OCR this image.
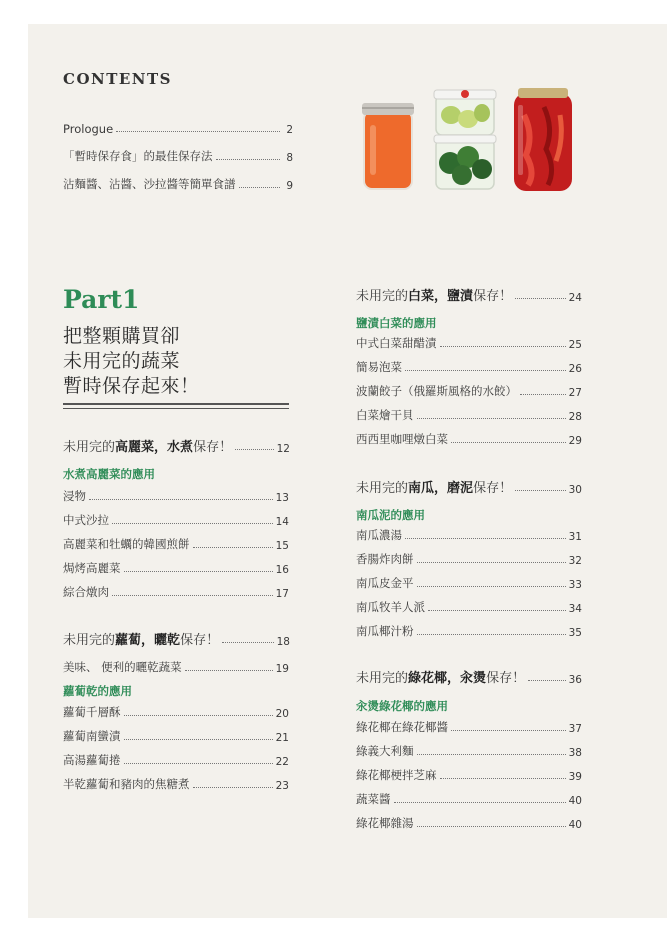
CONTENTS
Prologue	2
「暫時保存食」的最佳保存法	8
沾麵醬、沾醬、沙拉醬等簡單食譜	9
Part1
把整顆購買卻
未用完的蔬菜
暫時保存起來！
未用完的 高麗菜 ， 水煮 保存！	12
水煮高麗菜的應用
浸物	13
中式沙拉	14
高麗菜和牡蠣的韓國煎餅	15
焗烤高麗菜	16
綜合燉肉	17
未用完的 蘿蔔 ， 曬乾 保存！	18
美味、 便利的曬乾蔬菜	19
蘿蔔乾的應用
蘿蔔千層酥	20
蘿蔔南蠻漬	21
高湯蘿蔔捲	22
半乾蘿蔔和豬肉的焦糖煮	23
未用完的 白菜 ， 鹽漬 保存！	24
鹽漬白菜的應用
中式白菜甜醋漬	25
簡易泡菜	26
波蘭餃子（俄羅斯風格的水餃）	27
白菜燴干貝	28
西西里咖哩燉白菜	29
未用完的 南瓜 ， 磨泥 保存！	30
南瓜泥的應用
南瓜濃湯	31
香腸炸肉餅	32
南瓜皮金平	33
南瓜牧羊人派	34
南瓜椰汁粉	35
未用完的 綠花椰 ， 汆燙 保存！	36
汆燙綠花椰的應用
綠花椰在綠花椰醬	37
綠義大利麵	38
綠花椰梗拌芝麻	39
蔬菜醬	40
綠花椰雜湯	40
